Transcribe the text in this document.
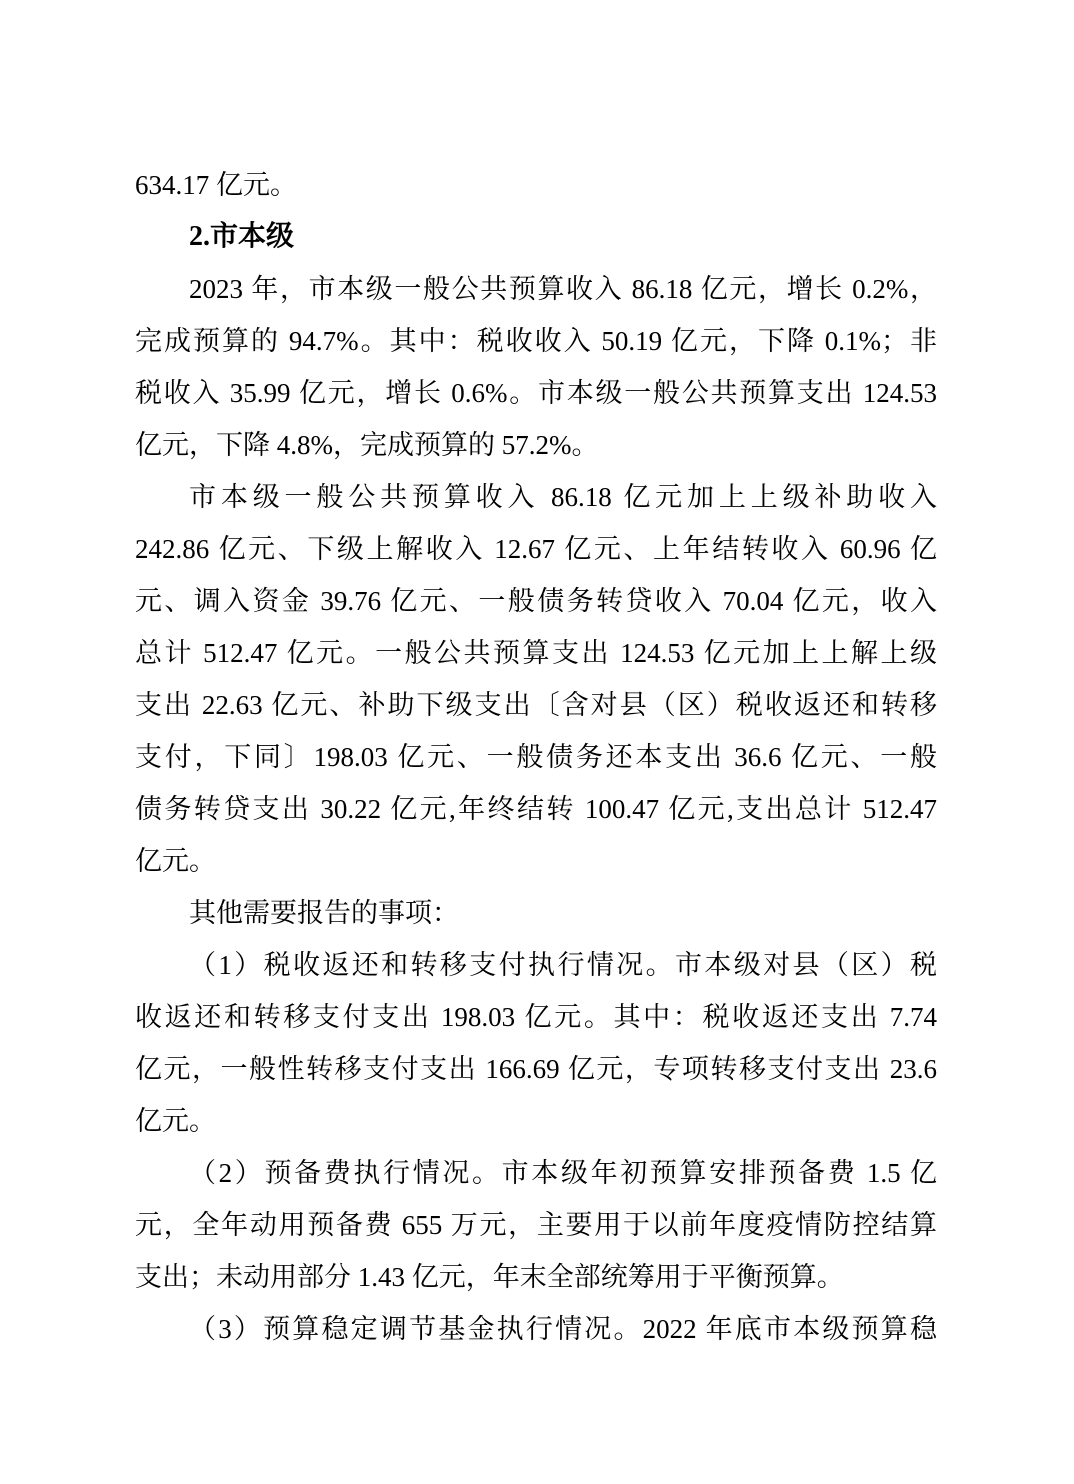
634.17 亿元。
2.市本级
2023 年，市本级一般公共预算收入 86.18 亿元，增长 0.2%，
完成预算的 94.7%。其中：税收收入 50.19 亿元，下降 0.1%；非
税收入 35.99 亿元，增长 0.6%。市本级一般公共预算支出 124.53
亿元，下降 4.8%，完成预算的 57.2%。
市本级一般公共预算收入 86.18 亿元加上上级补助收入
242.86 亿元、下级上解收入 12.67 亿元、上年结转收入 60.96 亿
元、调入资金 39.76 亿元、一般债务转贷收入 70.04 亿元，收入
总计 512.47 亿元。一般公共预算支出 124.53 亿元加上上解上级
支出 22.63 亿元、补助下级支出〔含对县（区）税收返还和转移
支付，下同〕198.03 亿元、一般债务还本支出 36.6 亿元、一般
债务转贷支出 30.22 亿元,年终结转 100.47 亿元,支出总计 512.47
亿元。
其他需要报告的事项：
（1）税收返还和转移支付执行情况。市本级对县（区）税
收返还和转移支付支出 198.03 亿元。其中：税收返还支出 7.74
亿元，一般性转移支付支出 166.69 亿元，专项转移支付支出 23.6
亿元。
（2）预备费执行情况。市本级年初预算安排预备费 1.5 亿
元，全年动用预备费 655 万元，主要用于以前年度疫情防控结算
支出；未动用部分 1.43 亿元，年末全部统筹用于平衡预算。
（3）预算稳定调节基金执行情况。2022 年底市本级预算稳
